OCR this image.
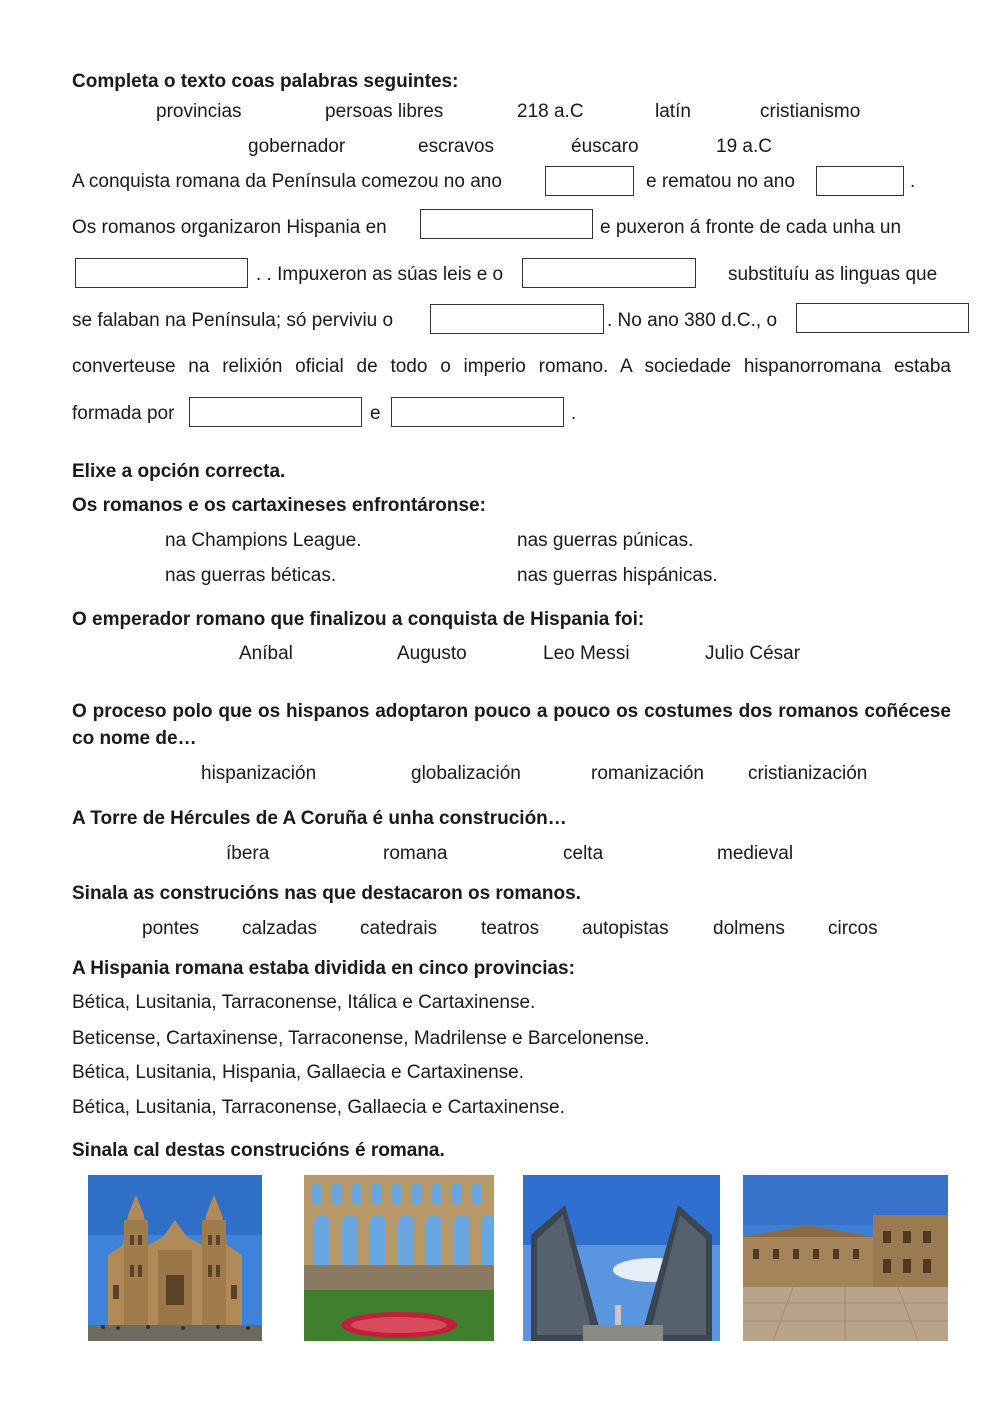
Completa o texto coas palabras seguintes:
provincias	persoas libres	218 a.C	latín	cristianismo
gobernador	escravos	éuscaro	19 a.C
A conquista romana da Península comezou no ano	e rematou no ano	.
Os romanos organizaron Hispania en	e puxeron á fronte de cada unha un
. . Impuxeron as súas leis e o	substituíu as linguas que
se falaban na Península; só perviviu o	. No ano 380 d.C., o
converteuse na relixión oficial de todo o imperio romano. A sociedade hispanorromana estaba
formada por	e	.
Elixe a opción correcta.
Os romanos e os cartaxineses enfrontáronse:
na Champions League.	nas guerras púnicas.
nas guerras béticas.	nas guerras hispánicas.
O emperador romano que finalizou a conquista de Hispania foi:
Aníbal	Augusto	Leo Messi	Julio César
O proceso polo que os hispanos adoptaron pouco a pouco os costumes dos romanos coñécese co nome de…
hispanización	globalización	romanización cristianización
A Torre de Hércules de A Coruña é unha construción…
íbera	romana	celta	medieval
Sinala as construcións nas que destacaron os romanos.
pontes calzadas catedrais teatros autopistas dolmens circos
A Hispania romana estaba dividida en cinco provincias:
Bética, Lusitania, Tarraconense, Itálica e Cartaxinense.
Beticense, Cartaxinense, Tarraconense, Madrilense e Barcelonense.
Bética, Lusitania, Hispania, Gallaecia e Cartaxinense.
Bética, Lusitania, Tarraconense, Gallaecia e Cartaxinense.
Sinala cal destas construcións é romana.
